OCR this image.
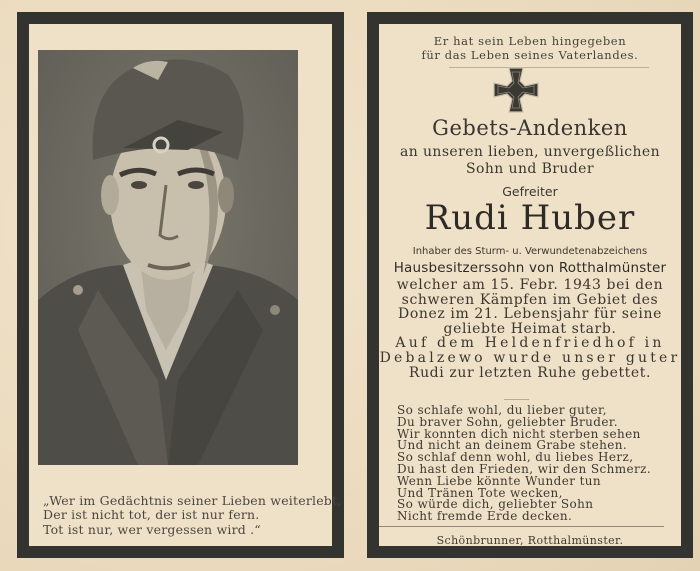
„Wer im Gedächtnis seiner Lieben weiterlebt,
Der ist nicht tot, der ist nur fern.
Tot ist nur, wer vergessen wird .“
Er hat sein Leben hingegeben
für das Leben seines Vaterlandes.
Gebets-Andenken
an unseren lieben, unvergeßlichen
Sohn und Bruder
Gefreiter
Rudi Huber
Inhaber des Sturm- u. Verwundetenabzeichens
Hausbesitzerssohn von Rotthalmünster
welcher am 15. Febr. 1943 bei den
schweren Kämpfen im Gebiet des
Donez im 21. Lebensjahr für seine
geliebte Heimat starb.
Auf dem Heldenfriedhof in
Debalzewo wurde unser guter
Rudi zur letzten Ruhe gebettet.
So schlafe wohl, du lieber guter,
Du braver Sohn, geliebter Bruder.
Wir konnten dich nicht sterben sehen
Und nicht an deinem Grabe stehen.
So schlaf denn wohl, du liebes Herz,
Du hast den Frieden, wir den Schmerz.
Wenn Liebe könnte Wunder tun
Und Tränen Tote wecken,
So würde dich, geliebter Sohn
Nicht fremde Erde decken.
Schönbrunner, Rotthalmünster.
